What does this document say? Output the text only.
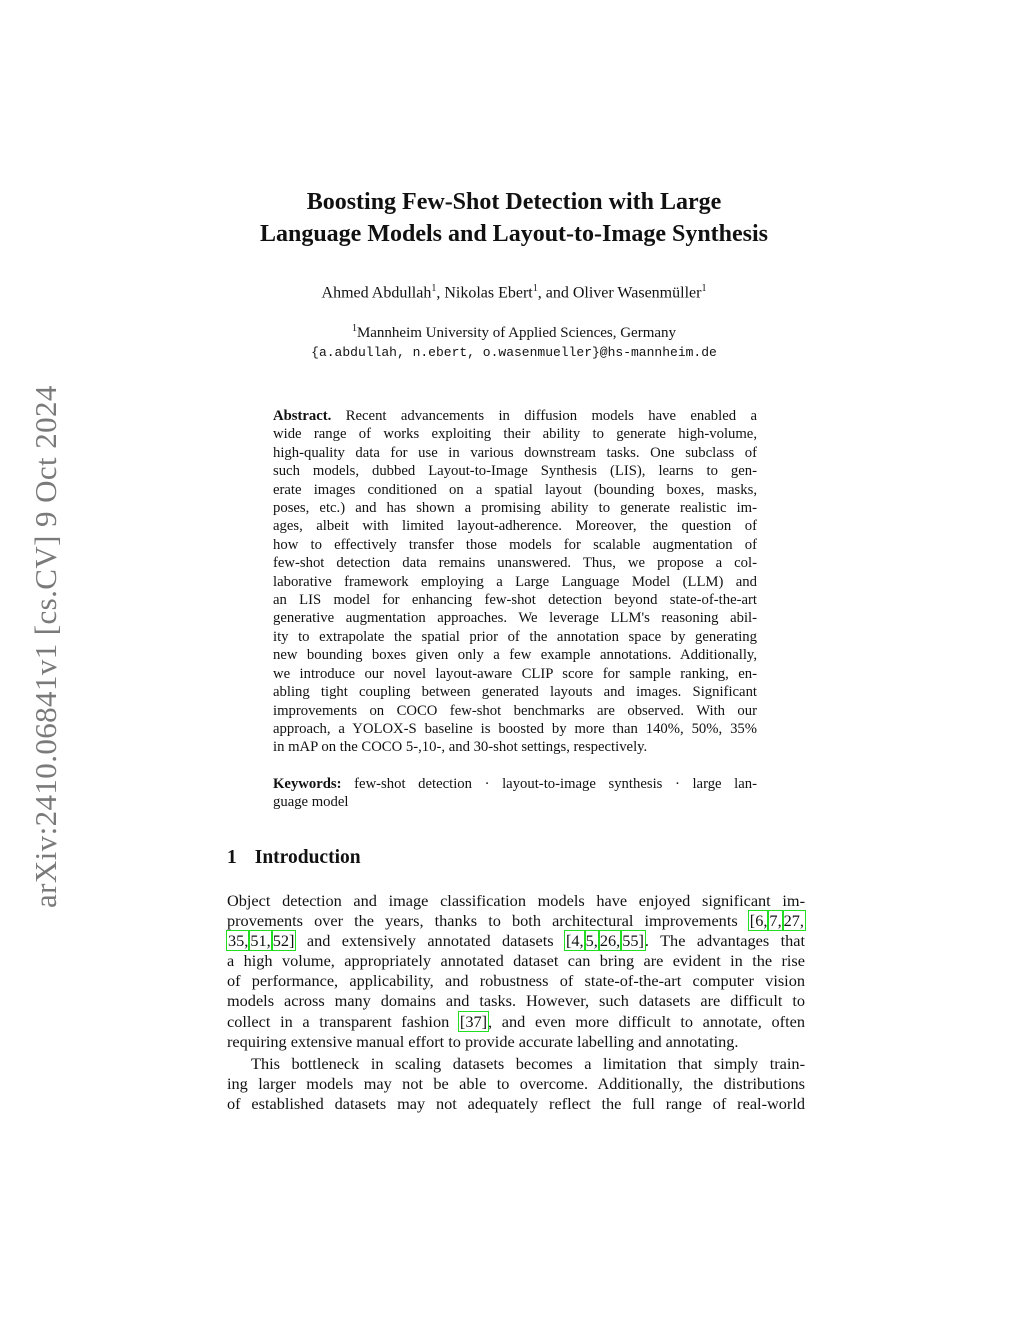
arXiv:2410.06841v1 [cs.CV] 9 Oct 2024
Boosting Few-Shot Detection with Large
Language Models and Layout-to-Image Synthesis
Ahmed Abdullah$^1$, Nikolas Ebert$^1$, and Oliver Wasenmüller$^1$
$^1$Mannheim University of Applied Sciences, Germany
{a.abdullah, n.ebert, o.wasenmueller}@hs-mannheim.de
Abstract. Recent advancements in diffusion models have enabled a
wide range of works exploiting their ability to generate high-volume,
high-quality data for use in various downstream tasks. One subclass of
such models, dubbed Layout-to-Image Synthesis (LIS), learns to gen-
erate images conditioned on a spatial layout (bounding boxes, masks,
poses, etc.) and has shown a promising ability to generate realistic im-
ages, albeit with limited layout-adherence. Moreover, the question of
how to effectively transfer those models for scalable augmentation of
few-shot detection data remains unanswered. Thus, we propose a col-
laborative framework employing a Large Language Model (LLM) and
an LIS model for enhancing few-shot detection beyond state-of-the-art
generative augmentation approaches. We leverage LLM's reasoning abil-
ity to extrapolate the spatial prior of the annotation space by generating
new bounding boxes given only a few example annotations. Additionally,
we introduce our novel layout-aware CLIP score for sample ranking, en-
abling tight coupling between generated layouts and images. Significant
improvements on COCO few-shot benchmarks are observed. With our
approach, a YOLOX-S baseline is boosted by more than 140%, 50%, 35%
in mAP on the COCO 5-,10-, and 30-shot settings, respectively.
Keywords: few-shot detection · layout-to-image synthesis · large lan-
guage model
1 Introduction
Object detection and image classification models have enjoyed significant im-
provements over the years, thanks to both architectural improvements [6, 7, 27,
35, 51, 52] and extensively annotated datasets [4, 5, 26, 55]. The advantages that
a high volume, appropriately annotated dataset can bring are evident in the rise
of performance, applicability, and robustness of state-of-the-art computer vision
models across many domains and tasks. However, such datasets are difficult to
collect in a transparent fashion [37], and even more difficult to annotate, often
requiring extensive manual effort to provide accurate labelling and annotating.
This bottleneck in scaling datasets becomes a limitation that simply train-
ing larger models may not be able to overcome. Additionally, the distributions
of established datasets may not adequately reflect the full range of real-world
